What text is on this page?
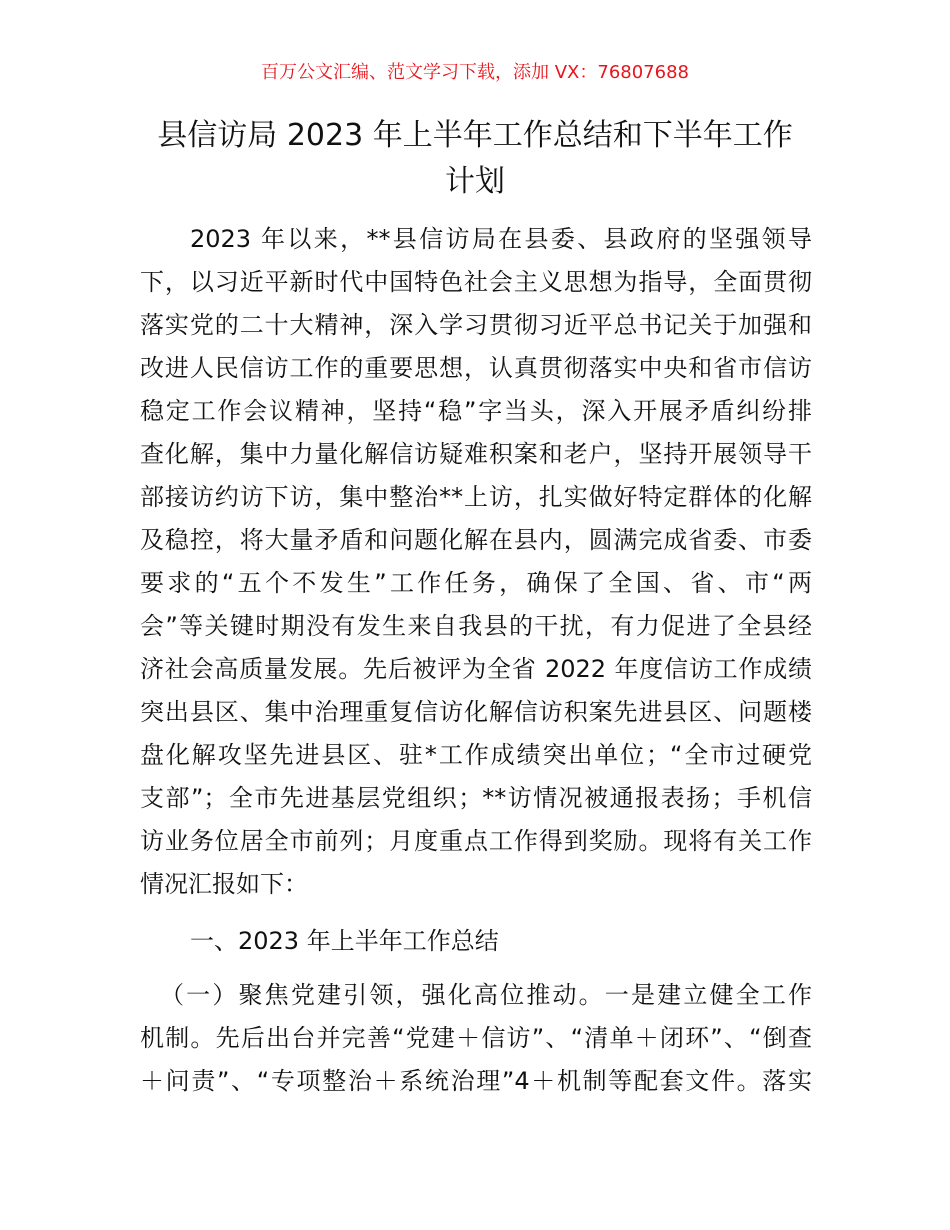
百万公文汇编、范文学习下载，添加 VX：76807688
县信访局 2023 年上半年工作总结和下半年工作
计划
2023 年以来，**县信访局在县委、县政府的坚强领导
下，以习近平新时代中国特色社会主义思想为指导，全面贯彻
落实党的二十大精神，深入学习贯彻习近平总书记关于加强和
改进人民信访工作的重要思想，认真贯彻落实中央和省市信访
稳定工作会议精神，坚持“稳”字当头，深入开展矛盾纠纷排
查化解，集中力量化解信访疑难积案和老户，坚持开展领导干
部接访约访下访，集中整治**上访，扎实做好特定群体的化解
及稳控，将大量矛盾和问题化解在县内，圆满完成省委、市委
要求的“五个不发生”工作任务，确保了全国、省、市“两
会”等关键时期没有发生来自我县的干扰，有力促进了全县经
济社会高质量发展。先后被评为全省 2022 年度信访工作成绩
突出县区、集中治理重复信访化解信访积案先进县区、问题楼
盘化解攻坚先进县区、驻*工作成绩突出单位；“全市过硬党
支部”；全市先进基层党组织；**访情况被通报表扬；手机信
访业务位居全市前列；月度重点工作得到奖励。现将有关工作
情况汇报如下：
一、2023 年上半年工作总结
（一）聚焦党建引领，强化高位推动。一是建立健全工作
机制。先后出台并完善“党建＋信访”、“清单＋闭环”、“倒查
＋问责”、“专项整治＋系统治理”4＋机制等配套文件。落实
